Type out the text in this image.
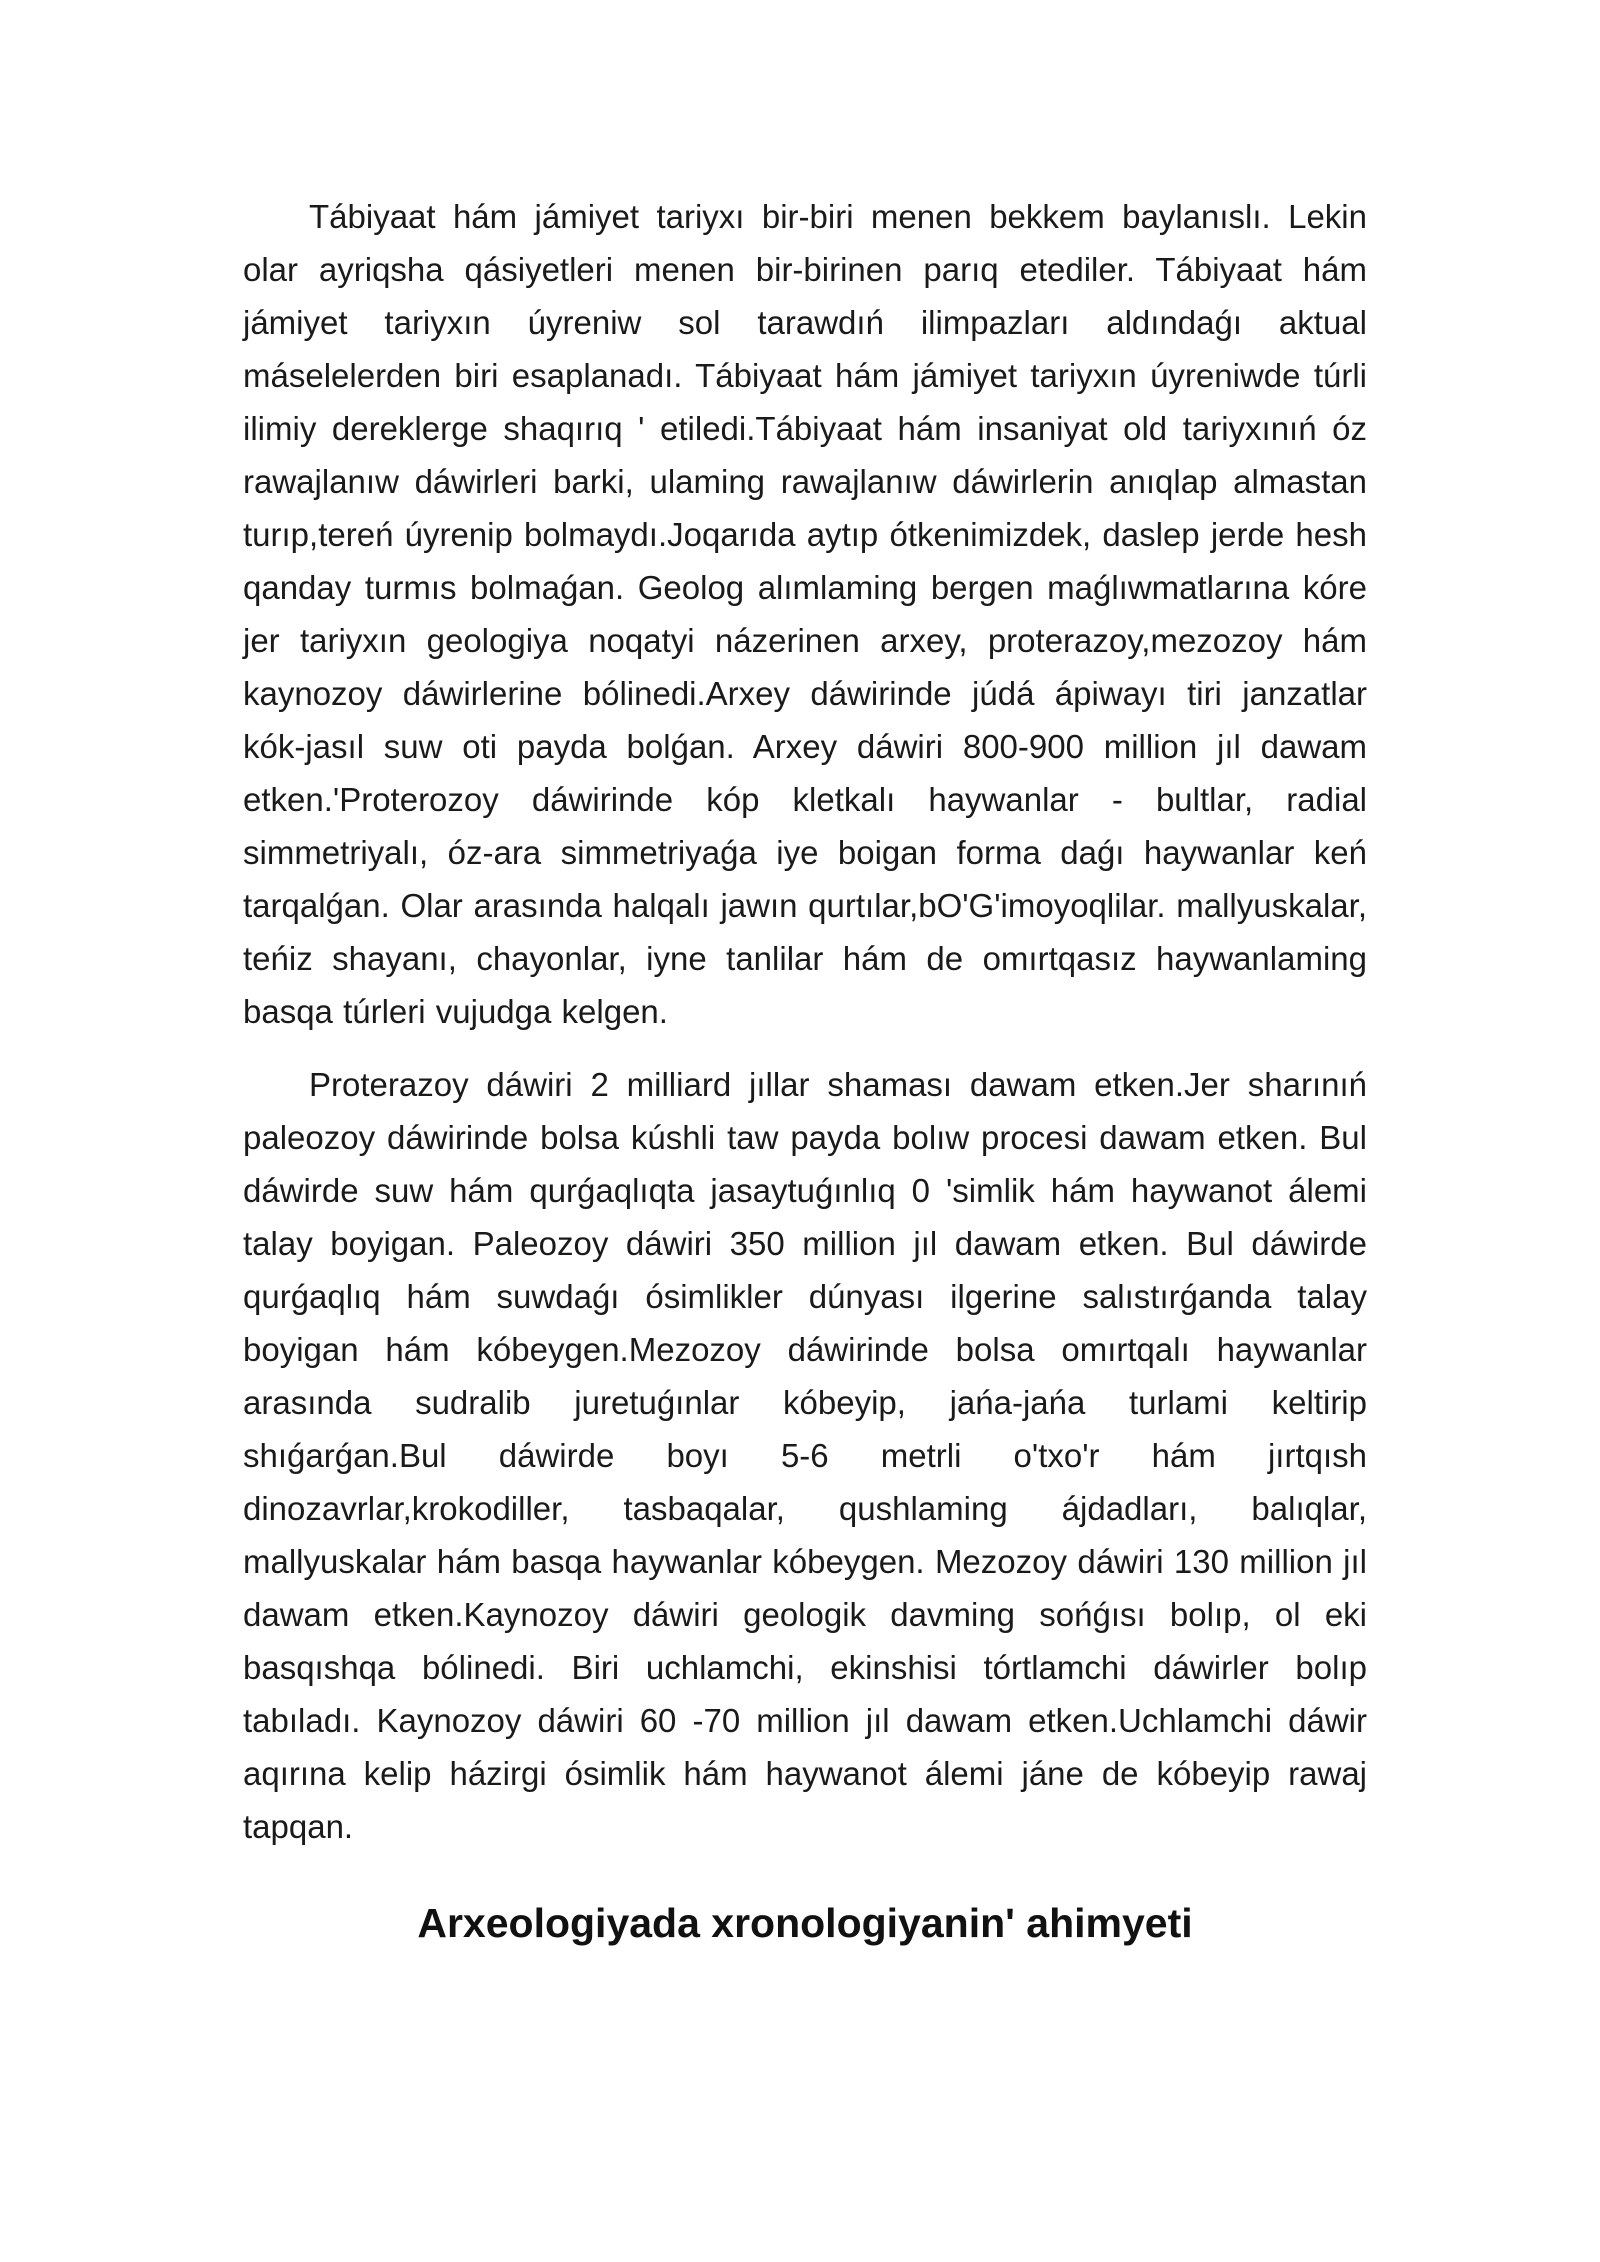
Tábiyaat hám jámiyet tariyxı bir-biri menen bekkem baylanıslı. Lekin olar ayriqsha qásiyetleri menen bir-birinen parıq etediler. Tábiyaat hám jámiyet tariyxın úyreniw sol tarawdıń ilimpazları aldındaǵı aktual máselelerden biri esaplanadı. Tábiyaat hám jámiyet tariyxın úyreniwde túrli ilimiy dereklerge shaqırıq ' etiledi.Tábiyaat hám insaniyat old tariyxınıń óz rawajlanıw dáwirleri barki, ulaming rawajlanıw dáwirlerin anıqlap almastan turıp,tereń úyrenip bolmaydı.Joqarıda aytıp ótkenimizdek, daslep jerde hesh qanday turmıs bolmaǵan. Geolog alımlaming bergen maǵlıwmatlarına kóre jer tariyxın geologiya noqatyi názerinen arxey, proterazoy,mezozoy hám kaynozoy dáwirlerine bólinedi.Arxey dáwirinde júdá ápiwayı tiri janzatlar kók-jasıl suw oti payda bolǵan. Arxey dáwiri 800-900 million jıl dawam etken.'Proterozoy dáwirinde kóp kletkalı haywanlar - bultlar, radial simmetriyalı, óz-ara simmetriyaǵa iye boigan forma daǵı haywanlar keń tarqalǵan. Olar arasında halqalı jawın qurtılar,bO'G'imoyoqlilar. mallyuskalar, teńiz shayanı, chayonlar, iyne tanlilar hám de omırtqasız haywanlaming basqa túrleri vujudga kelgen.

Proterazoy dáwiri 2 milliard jıllar shaması dawam etken.Jer sharınıń paleozoy dáwirinde bolsa kúshli taw payda bolıw procesi dawam etken. Bul dáwirde suw hám qurǵaqlıqta jasaytuǵınlıq 0 'simlik hám haywanot álemi talay boyigan. Paleozoy dáwiri 350 million jıl dawam etken. Bul dáwirde qurǵaqlıq hám suwdaǵı ósimlikler dúnyası ilgerine salıstırǵanda talay boyigan hám kóbeygen.Mezozoy dáwirinde bolsa omırtqalı haywanlar arasında sudralib juretuǵınlar kóbeyip, jańa-jańa turlami keltirip shıǵarǵan.Bul dáwirde boyı 5-6 metrli o'txo'r hám jırtqısh dinozavrlar,krokodiller, tasbaqalar, qushlaming ájdadları, balıqlar, mallyuskalar hám basqa haywanlar kóbeygen. Mezozoy dáwiri 130 million jıl dawam etken.Kaynozoy dáwiri geologik davming sońǵısı bolıp, ol eki basqıshqa bólinedi. Biri uchlamchi, ekinshisi tórtlamchi dáwirler bolıp tabıladı. Kaynozoy dáwiri 60 -70 million jıl dawam etken.Uchlamchi dáwir aqırına kelip házirgi ósimlik hám haywanot álemi jáne de kóbeyip rawaj tapqan.

Arxeologiyada xronologiyanin' ahimyeti
